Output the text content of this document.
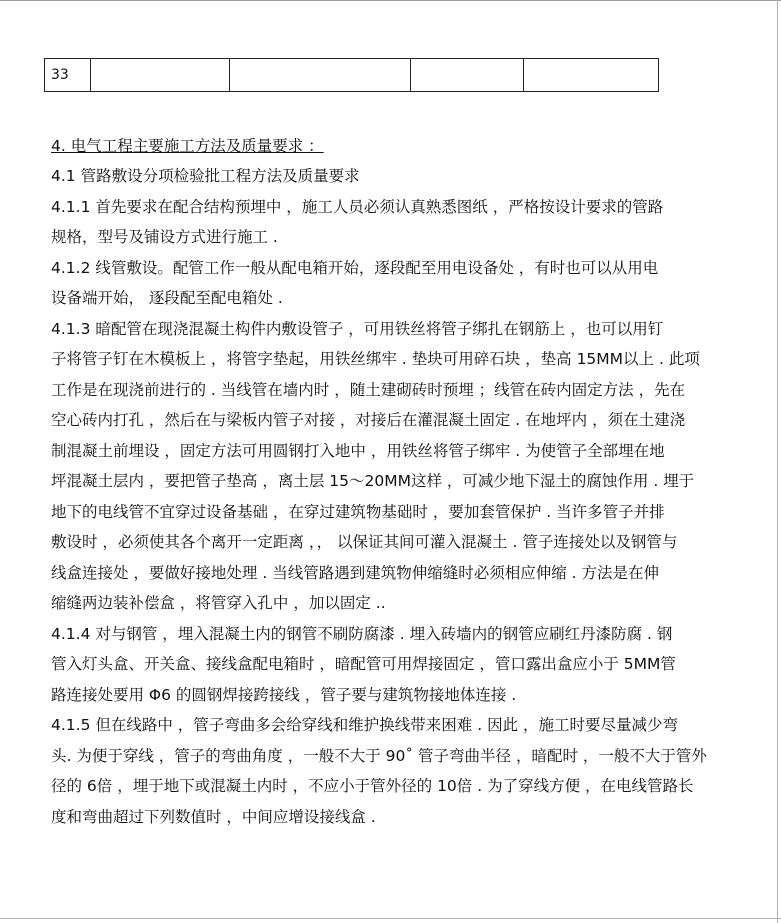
33				
4. 电气工程主要施工方法及质量要求 ：
4.1 管路敷设分项检验批工程方法及质量要求
4.1.1 首先要求在配合结构预埋中 ，施工人员必须认真熟悉图纸 ，严格按设计要求的管路
规格，型号及铺设方式进行施工 .
4.1.2 线管敷设。配管工作一般从配电箱开始，逐段配至用电设备处 ，有时也可以从用电
设备端开始， 逐段配至配电箱处 .
4.1.3 暗配管在现浇混凝土构件内敷设管子 ，可用铁丝将管子绑扎在钢筋上 ，也可以用钉
子将管子钉在木模板上 ，将管字垫起，用铁丝绑牢 . 垫块可用碎石块 ，垫高 15MM以上 . 此项
工作是在现浇前进行的 . 当线管在墙内时 ，随土建砌砖时预埋 ；线管在砖内固定方法 ，先在
空心砖内打孔 ，然后在与梁板内管子对接 ，对接后在灌混凝土固定 . 在地坪内 ，须在土建浇
制混凝土前埋设 ，固定方法可用圆钢打入地中 ，用铁丝将管子绑牢 . 为使管子全部埋在地
坪混凝土层内 ，要把管子垫高 ，离土层 15～20MM这样 ，可减少地下湿土的腐蚀作用 . 埋于
地下的电线管不宜穿过设备基础 ，在穿过建筑物基础时 ，要加套管保护 . 当许多管子并排
敷设时 ，必须使其各个离开一定距离 ，， 以保证其间可灌入混凝土 . 管子连接处以及钢管与
线盒连接处 ，要做好接地处理 . 当线管路遇到建筑物伸缩缝时必须相应伸缩 . 方法是在伸
缩缝两边装补偿盒 ，将管穿入孔中 ，加以固定 ..
4.1.4 对与钢管 ，埋入混凝土内的钢管不刷防腐漆 . 埋入砖墙内的钢管应刷红丹漆防腐 . 钢
管入灯头盒、开关盒、接线盒配电箱时 ，暗配管可用焊接固定 ，管口露出盒应小于 5MM管
路连接处要用 Φ6 的圆钢焊接跨接线 ，管子要与建筑物接地体连接 .
4.1.5 但在线路中 ，管子弯曲多会给穿线和维护换线带来困难 . 因此 ，施工时要尽量减少弯
头. 为便于穿线 ，管子的弯曲角度 ，一般不大于 90˚ 管子弯曲半径 ，暗配时 ，一般不大于管外
径的 6倍 ，埋于地下或混凝土内时 ，不应小于管外径的 10倍 . 为了穿线方便 ，在电线管路长
度和弯曲超过下列数值时 ，中间应增设接线盒 .
